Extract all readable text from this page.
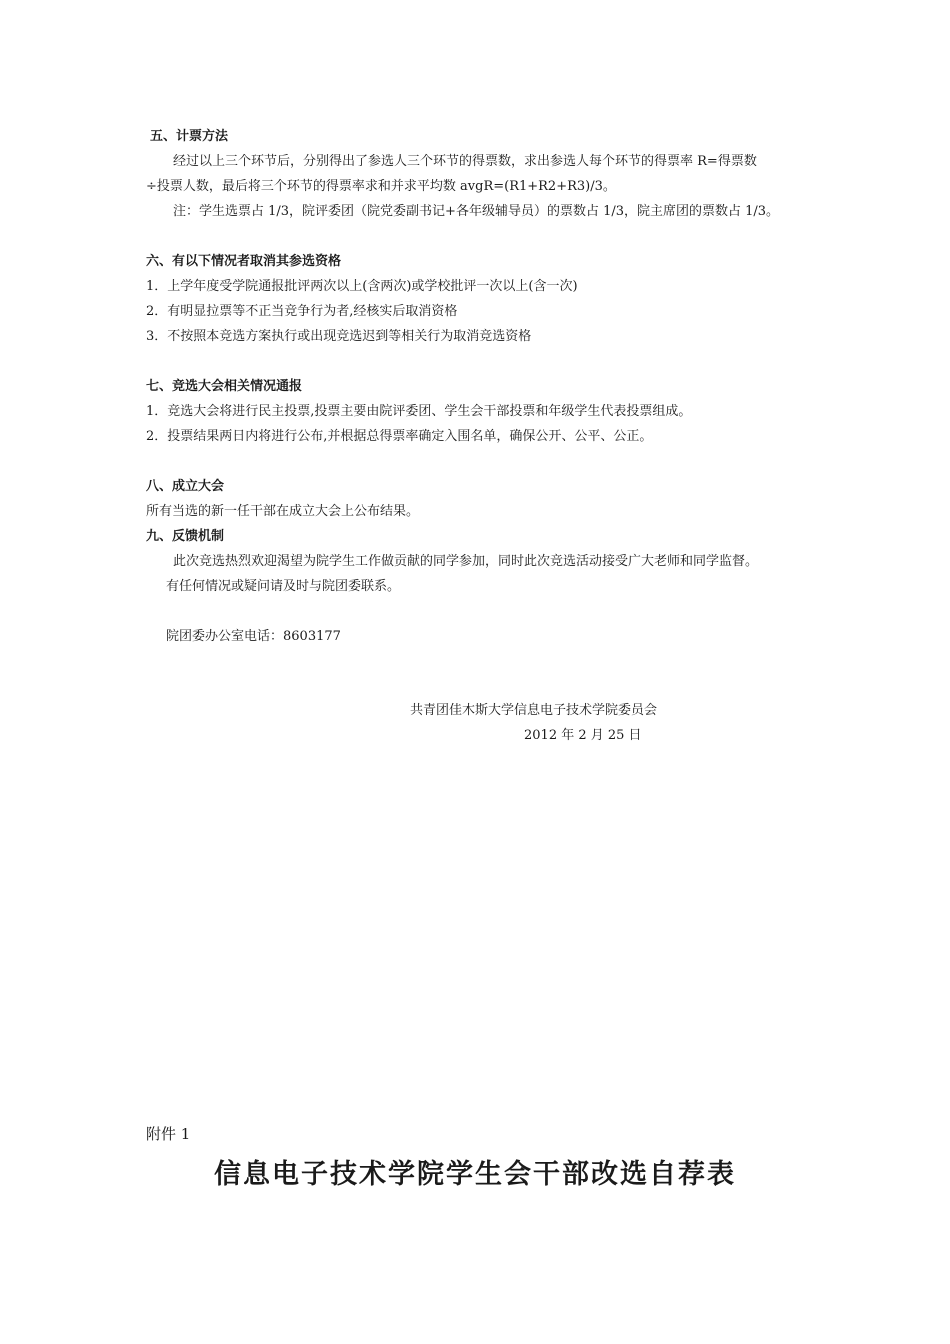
五、计票方法
经过以上三个环节后，分别得出了参选人三个环节的得票数，求出参选人每个环节的得票率 R=得票数
÷投票人数，最后将三个环节的得票率求和并求平均数 avgR=(R1+R2+R3)/3。
注：学生选票占 1/3，院评委团（院党委副书记+各年级辅导员）的票数占 1/3，院主席团的票数占 1/3。
六、有以下情况者取消其参选资格
1．上学年度受学院通报批评两次以上(含两次)或学校批评一次以上(含一次)
2．有明显拉票等不正当竞争行为者,经核实后取消资格
3．不按照本竞选方案执行或出现竞选迟到等相关行为取消竞选资格
七、竞选大会相关情况通报
1．竞选大会将进行民主投票,投票主要由院评委团、学生会干部投票和年级学生代表投票组成。
2．投票结果两日内将进行公布,并根据总得票率确定入围名单，确保公开、公平、公正。
八、成立大会
所有当选的新一任干部在成立大会上公布结果。
九、反馈机制
此次竞选热烈欢迎渴望为院学生工作做贡献的同学参加，同时此次竞选活动接受广大老师和同学监督。
有任何情况或疑问请及时与院团委联系。
院团委办公室电话：8603177
共青团佳木斯大学信息电子技术学院委员会
2012 年 2 月 25 日
附件 1
信息电子技术学院学生会干部改选自荐表
